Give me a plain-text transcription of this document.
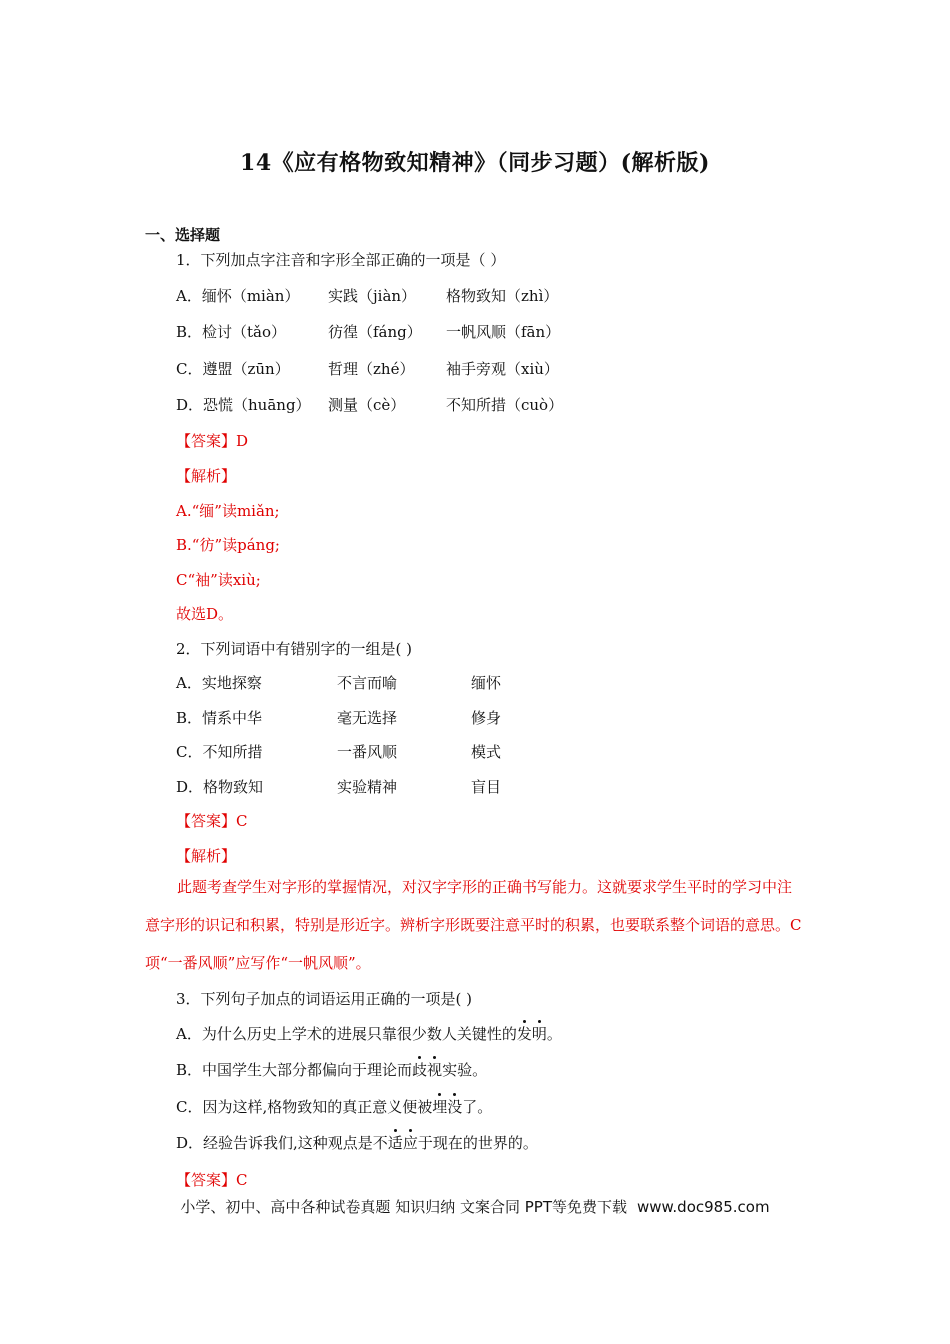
14《应有格物致知精神》（同步习题）(解析版)
一、选择题
1．下列加点字注音和字形全部正确的一项是（ ）
A．缅怀（miàn） 实践（jiàn） 格物致知（zhì）
B．检讨（tǎo）	彷徨（fáng） 一帆风顺（fān）
C．遵盟（zūn）	哲理（zhé） 袖手旁观（xiù）
D．恐慌（huāng） 测量（cè）	不知所措（cuò）
【答案】D
【解析】
A.“缅”读miǎn;
B.“彷”读páng;
C“袖”读xiù;
故选D。
2．下列词语中有错别字的一组是( )
A．实地探察	不言而喻	缅怀
B．情系中华	毫无选择	修身
C．不知所措	一番风顺	模式
D．格物致知	实验精神	盲目
【答案】C
【解析】
此题考查学生对字形的掌握情况，对汉字字形的正确书写能力。这就要求学生平时的学习中注意字形的识记和积累，特别是形近字。辨析字形既要注意平时的积累，也要联系整个词语的意思。C项“一番风顺”应写作“一帆风顺”。
3．下列句子加点的词语运用正确的一项是( )
A．为什么历史上学术的进展只靠很少数人关键性的发明。
B．中国学生大部分都偏向于理论而歧视实验。
C．因为这样,格物致知的真正意义便被埋没了。
D．经验告诉我们,这种观点是不适应于现在的世界的。
【答案】C
小学、初中、高中各种试卷真题 知识归纳 文案合同 PPT等免费下载 www.doc985.com
